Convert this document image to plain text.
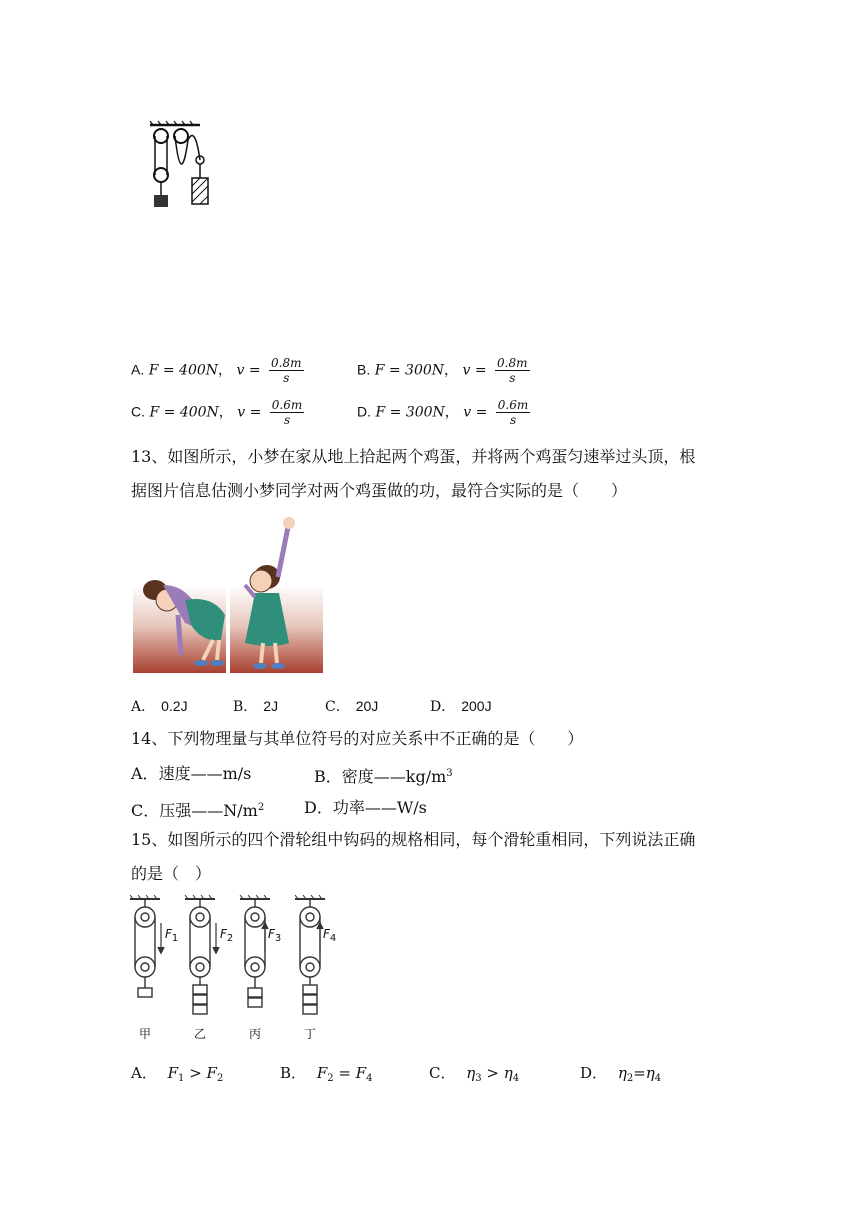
A. F = 400N， $v = \frac{0.8m}{s}$	B. F = 300N， $v = \frac{0.8m}{s}$
C. F = 400N， $v = \frac{0.6m}{s}$	D. F = 300N， $v = \frac{0.6m}{s}$
13、如图所示，小梦在家从地上拾起两个鸡蛋，并将两个鸡蛋匀速举过头顶，根
据图片信息估测小梦同学对两个鸡蛋做的功，最符合实际的是（　　）
A． 0.2J	B． 2J	C． 20J	D． 200J
14、下列物理量与其单位符号的对应关系中不正确的是（　　）
A．速度——m/s	B．密度$——kg/m^3$
C．压强$——N/m^2$ D．功率——W/s
15、如图所示的四个滑轮组中钩码的规格相同，每个滑轮重相同，下列说法正确
的是（　）
$F_1$	$F_2$	$F_3$	$F_4$
甲	乙	丙	丁
A． $F_1 > F_2$	B． $F_2 = F_4$	C． $\eta_3 > \eta_4$	D． $\eta_2=\eta_4$
